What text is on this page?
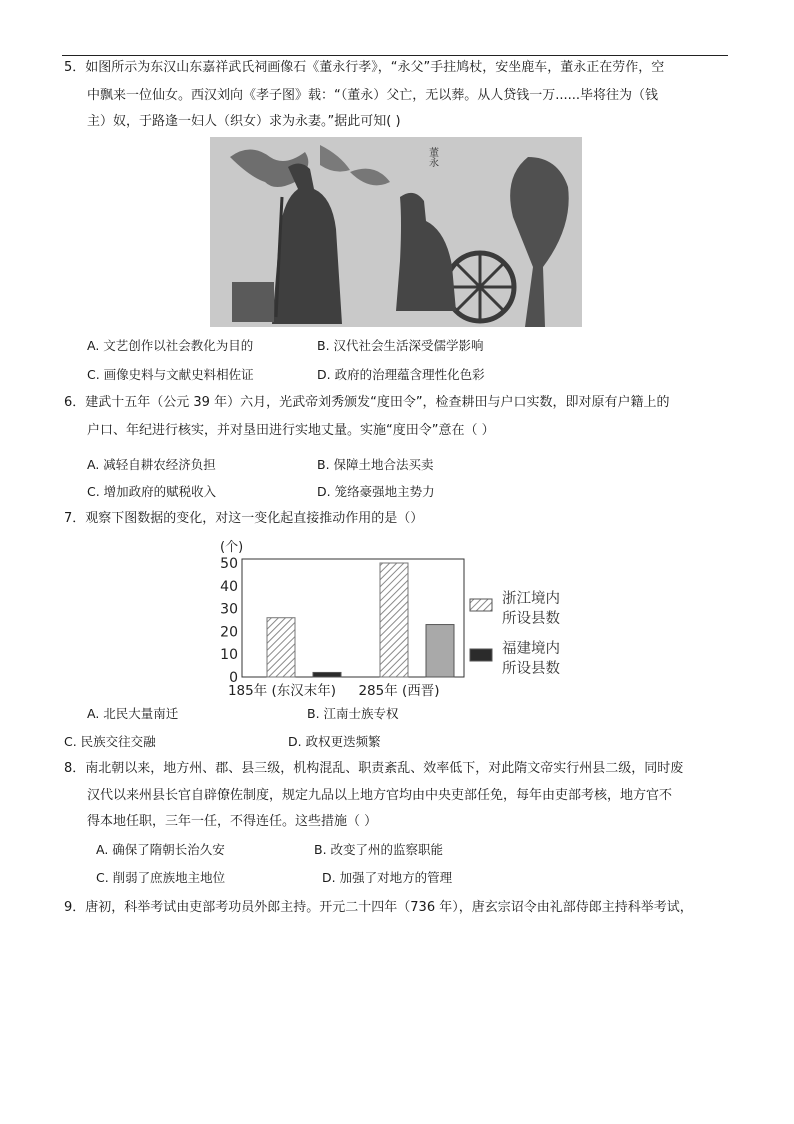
5．如图所示为东汉山东嘉祥武氏祠画像石《董永行孝》，“永父”手拄鸠杖，安坐鹿车，董永正在劳作，空
中飘来一位仙女。西汉刘向《孝子图》载：“（董永）父亡，无以葬。从人贷钱一万......毕将往为（钱
主）奴，于路逢一妇人（织女）求为永妻。”据此可知( )
董永
A. 文艺创作以社会教化为目的	B. 汉代社会生活深受儒学影响
C. 画像史料与文献史料相佐证	D. 政府的治理蕴含理性化色彩
6．建武十五年（公元 39 年）六月，光武帝刘秀颁发“度田令”，检查耕田与户口实数，即对原有户籍上的
户口、年纪进行核实，并对垦田进行实地丈量。实施“度田令”意在（ ）
A. 减轻自耕农经济负担	B. 保障土地合法买卖
C. 增加政府的赋税收入	D. 笼络豪强地主势力
7．观察下图数据的变化，对这一变化起直接推动作用的是（）
(个)
50
40
30
20
10
0
185年 (东汉末年) 285年 (西晋)
浙江境内
所设县数
福建境内
所设县数
A. 北民大量南迁	B. 江南士族专权
C. 民族交往交融	D. 政权更迭频繁
8．南北朝以来，地方州、郡、县三级，机构混乱、职责紊乱、效率低下，对此隋文帝实行州县二级，同时废
汉代以来州县长官自辟僚佐制度，规定九品以上地方官均由中央吏部任免，每年由吏部考核，地方官不
得本地任职，三年一任，不得连任。这些措施（ ）
A. 确保了隋朝长治久安	B. 改变了州的监察职能
C. 削弱了庶族地主地位	D. 加强了对地方的管理
9．唐初，科举考试由吏部考功员外郎主持。开元二十四年（736 年），唐玄宗诏令由礼部侍郎主持科举考试，
